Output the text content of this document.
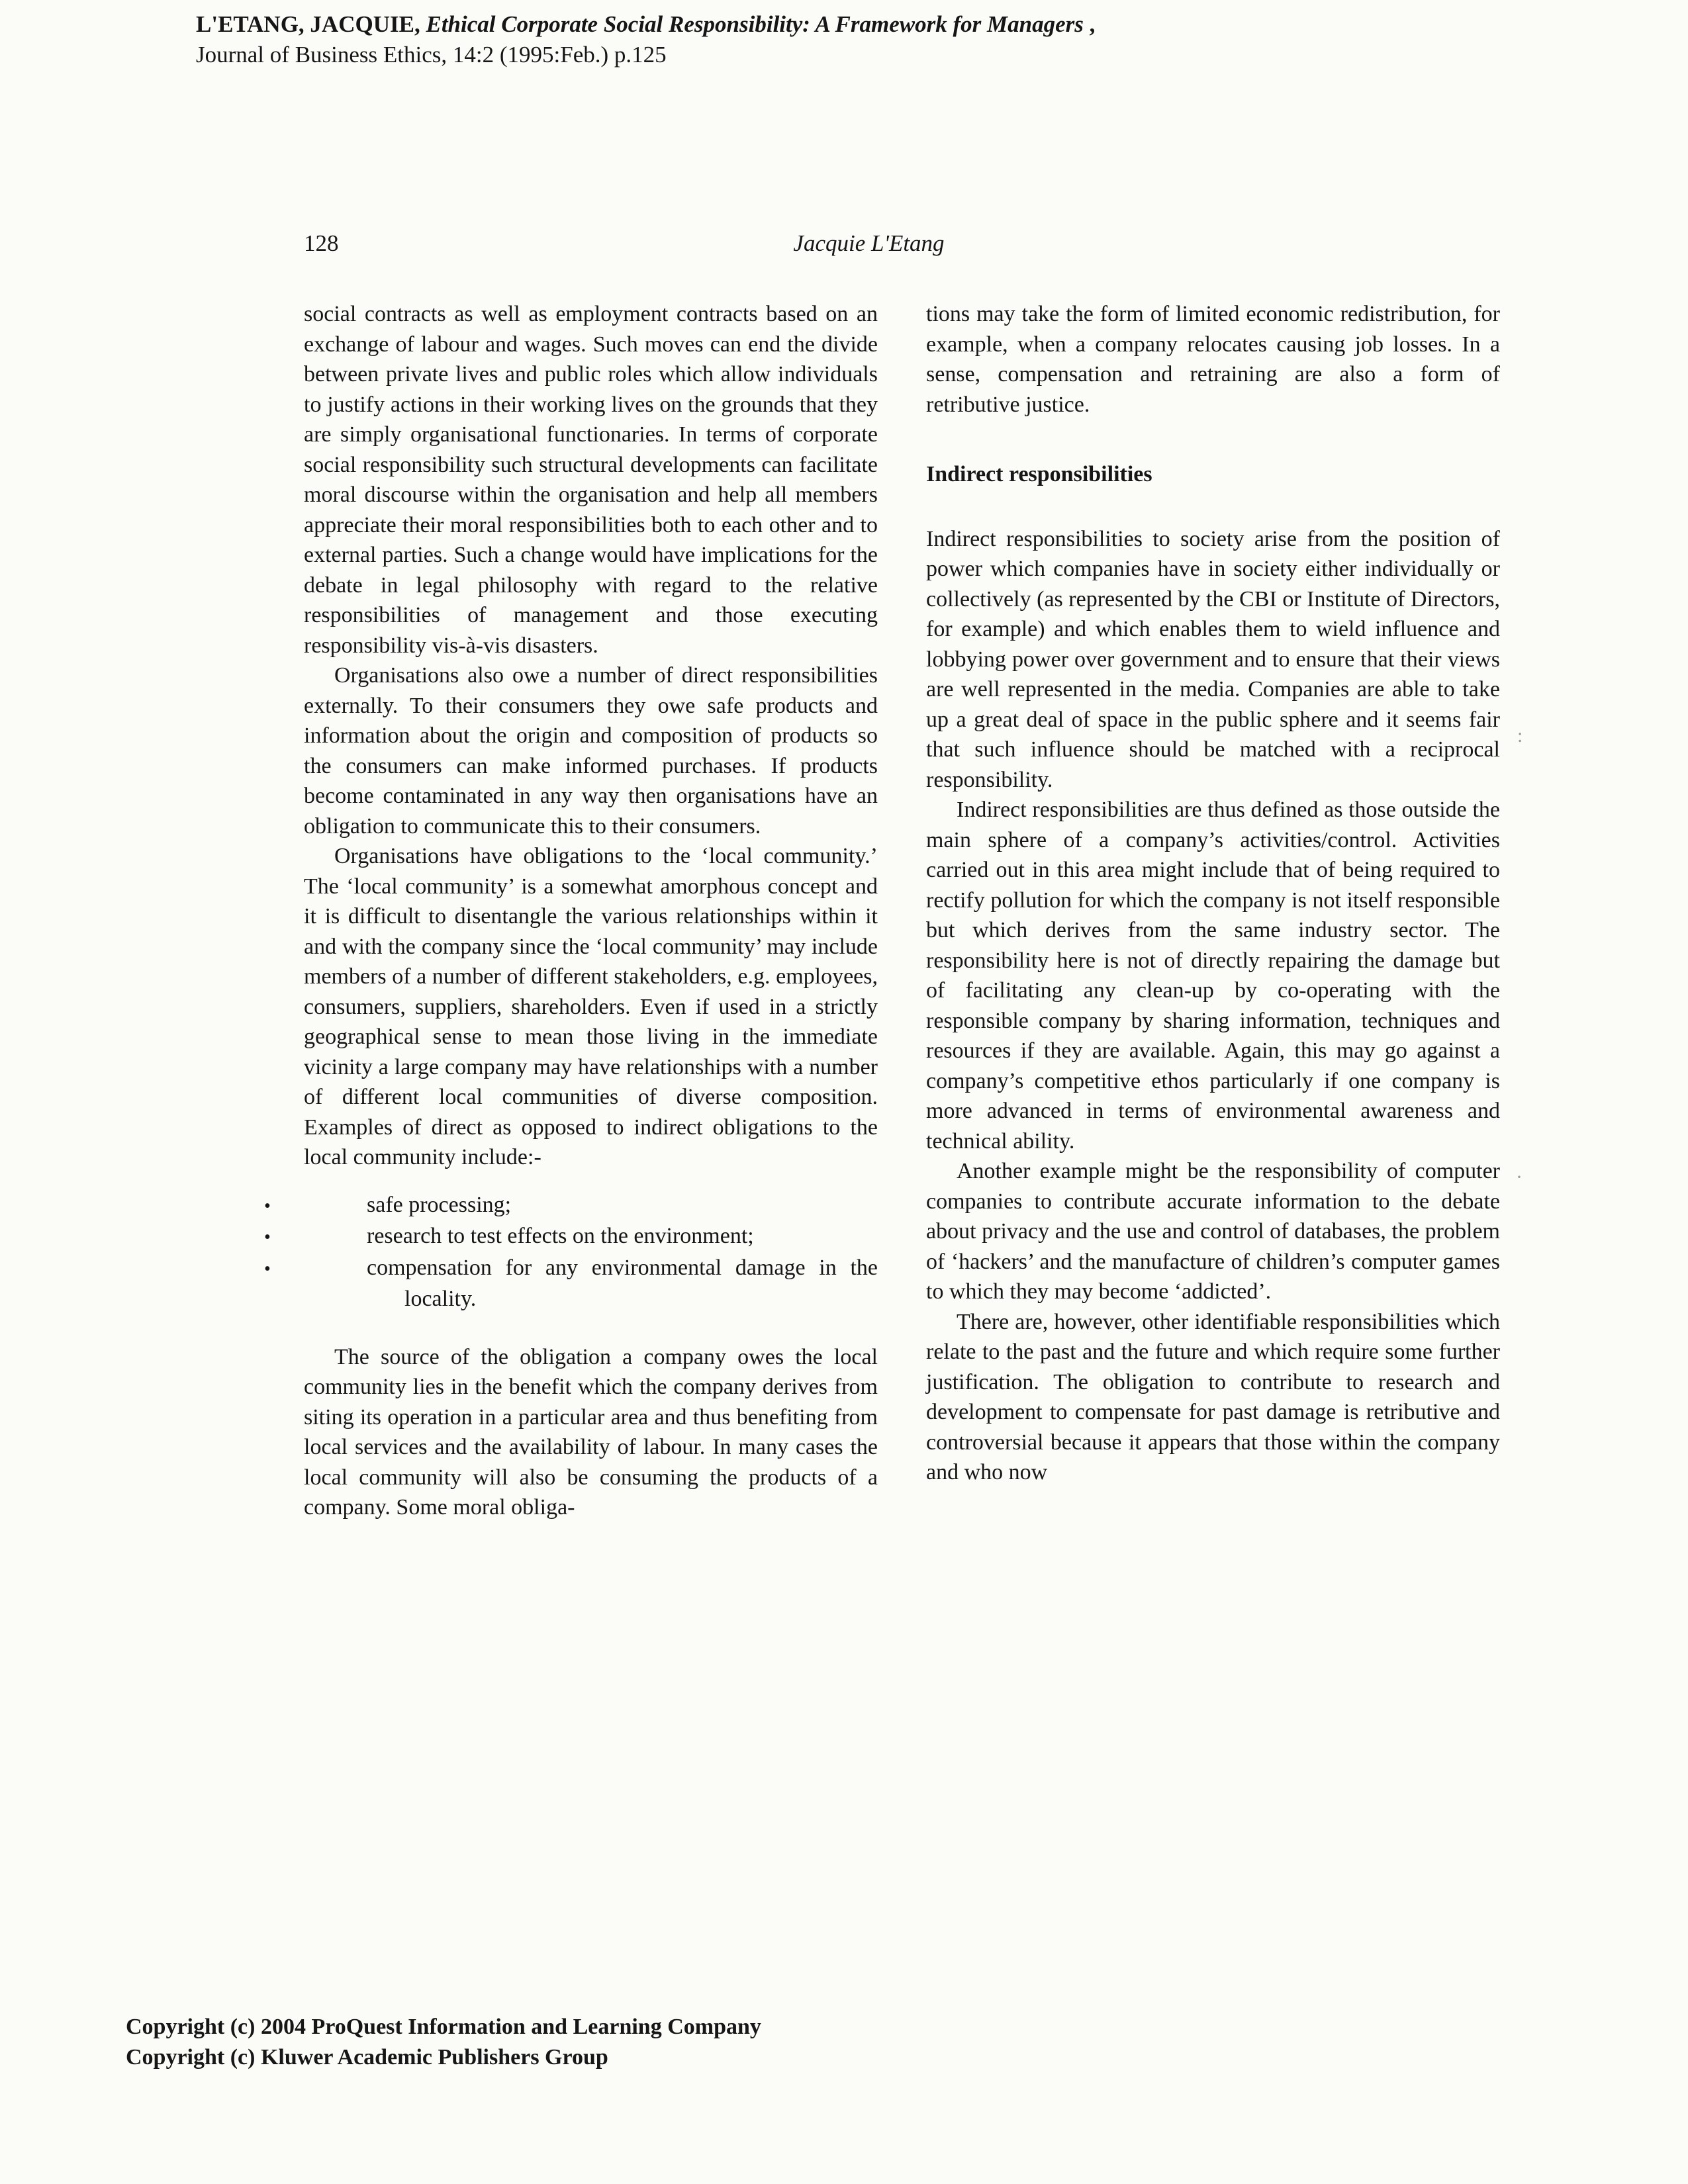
L'ETANG, JACQUIE, Ethical Corporate Social Responsibility: A Framework for Managers ,
Journal of Business Ethics, 14:2 (1995:Feb.) p.125
128	Jacquie L'Etang

social contracts as well as employment contracts based on an exchange of labour and wages. Such moves can end the divide between private lives and public roles which allow individuals to justify actions in their working lives on the grounds that they are simply organisational functionaries. In terms of corporate social responsibility such structural developments can facilitate moral discourse within the organisation and help all members appreciate their moral responsibilities both to each other and to external parties. Such a change would have implications for the debate in legal philosophy with regard to the relative responsibilities of management and those executing responsibility vis-à-vis disasters.

Organisations also owe a number of direct responsibilities externally. To their consumers they owe safe products and information about the origin and composition of products so the consumers can make informed purchases. If products become contaminated in any way then organisations have an obligation to communicate this to their consumers.

Organisations have obligations to the ‘local community.’ The ‘local community’ is a somewhat amorphous concept and it is difficult to disentangle the various relationships within it and with the company since the ‘local community’ may include members of a number of different stakeholders, e.g. employees, consumers, suppliers, shareholders. Even if used in a strictly geographical sense to mean those living in the immediate vicinity a large company may have relationships with a number of different local communities of diverse composition. Examples of direct as opposed to indirect obligations to the local community include:-

•	safe processing;
•	research to test effects on the environment;
•	compensation for any environmental damage in the locality.

The source of the obligation a company owes the local community lies in the benefit which the company derives from siting its operation in a particular area and thus benefiting from local services and the availability of labour. In many cases the local community will also be consuming the products of a company. Some moral obliga-

tions may take the form of limited economic redistribution, for example, when a company relocates causing job losses. In a sense, compensation and retraining are also a form of retributive justice.

Indirect responsibilities

Indirect responsibilities to society arise from the position of power which companies have in society either individually or collectively (as represented by the CBI or Institute of Directors, for example) and which enables them to wield influence and lobbying power over government and to ensure that their views are well represented in the media. Companies are able to take up a great deal of space in the public sphere and it seems fair that such influence should be matched with a reciprocal responsibility.

Indirect responsibilities are thus defined as those outside the main sphere of a company’s activities/control. Activities carried out in this area might include that of being required to rectify pollution for which the company is not itself responsible but which derives from the same industry sector. The responsibility here is not of directly repairing the damage but of facilitating any clean-up by co-operating with the responsible company by sharing information, techniques and resources if they are available. Again, this may go against a company’s competitive ethos particularly if one company is more advanced in terms of environmental awareness and technical ability.

Another example might be the responsibility of computer companies to contribute accurate information to the debate about privacy and the use and control of databases, the problem of ‘hackers’ and the manufacture of children’s computer games to which they may become ‘addicted’.

There are, however, other identifiable responsibilities which relate to the past and the future and which require some further justification. The obligation to contribute to research and development to compensate for past damage is retributive and controversial because it appears that those within the company and who now

:
·
Copyright (c) 2004 ProQuest Information and Learning Company
Copyright (c) Kluwer Academic Publishers Group
